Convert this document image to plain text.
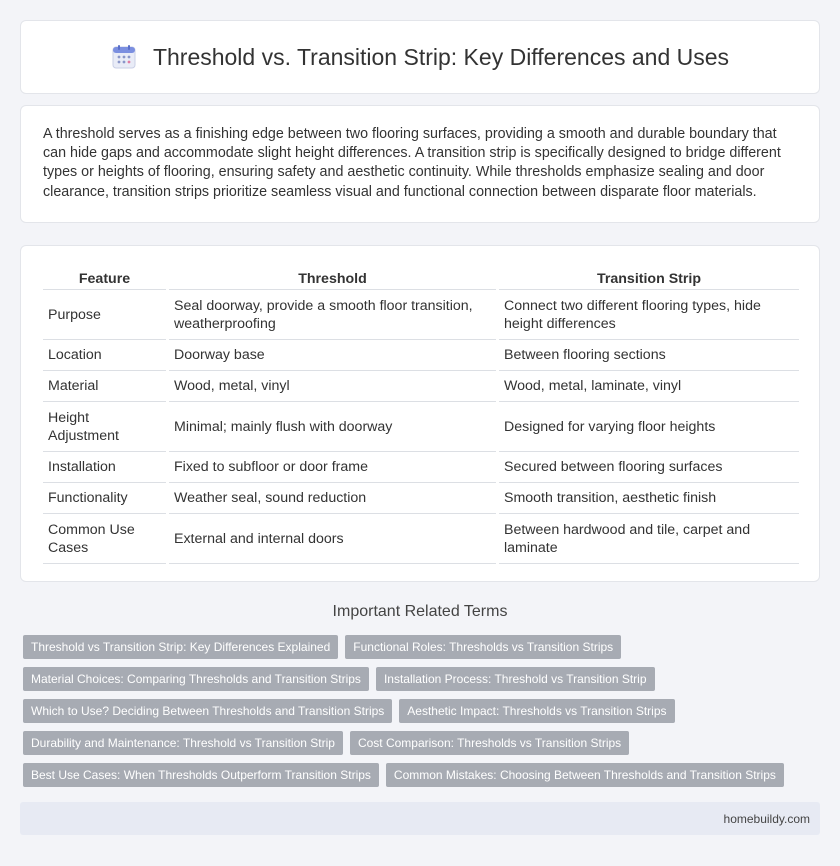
Threshold vs. Transition Strip: Key Differences and Uses

A threshold serves as a finishing edge between two flooring surfaces, providing a smooth and durable boundary that can hide gaps and accommodate slight height differences. A transition strip is specifically designed to bridge different types or heights of flooring, ensuring safety and aesthetic continuity. While thresholds emphasize sealing and door clearance, transition strips prioritize seamless visual and functional connection between disparate floor materials.

Feature		Threshold		Transition Strip
Purpose		Seal doorway, provide a smooth floor transition, weatherproofing		Connect two different flooring types, hide height differences
Location		Doorway base		Between flooring sections
Material		Wood, metal, vinyl		Wood, metal, laminate, vinyl
Height Adjustment		Minimal; mainly flush with doorway		Designed for varying floor heights
Installation		Fixed to subfloor or door frame		Secured between flooring surfaces
Functionality		Weather seal, sound reduction		Smooth transition, aesthetic finish
Common Use Cases		External and internal doors		Between hardwood and tile, carpet and laminate
Important Related Terms
Threshold vs Transition Strip: Key Differences Explained	Functional Roles: Thresholds vs Transition Strips
Material Choices: Comparing Thresholds and Transition Strips	Installation Process: Threshold vs Transition Strip
Which to Use? Deciding Between Thresholds and Transition Strips	Aesthetic Impact: Thresholds vs Transition Strips
Durability and Maintenance: Threshold vs Transition Strip	Cost Comparison: Thresholds vs Transition Strips
Best Use Cases: When Thresholds Outperform Transition Strips	Common Mistakes: Choosing Between Thresholds and Transition Strips
homebuildy.com
